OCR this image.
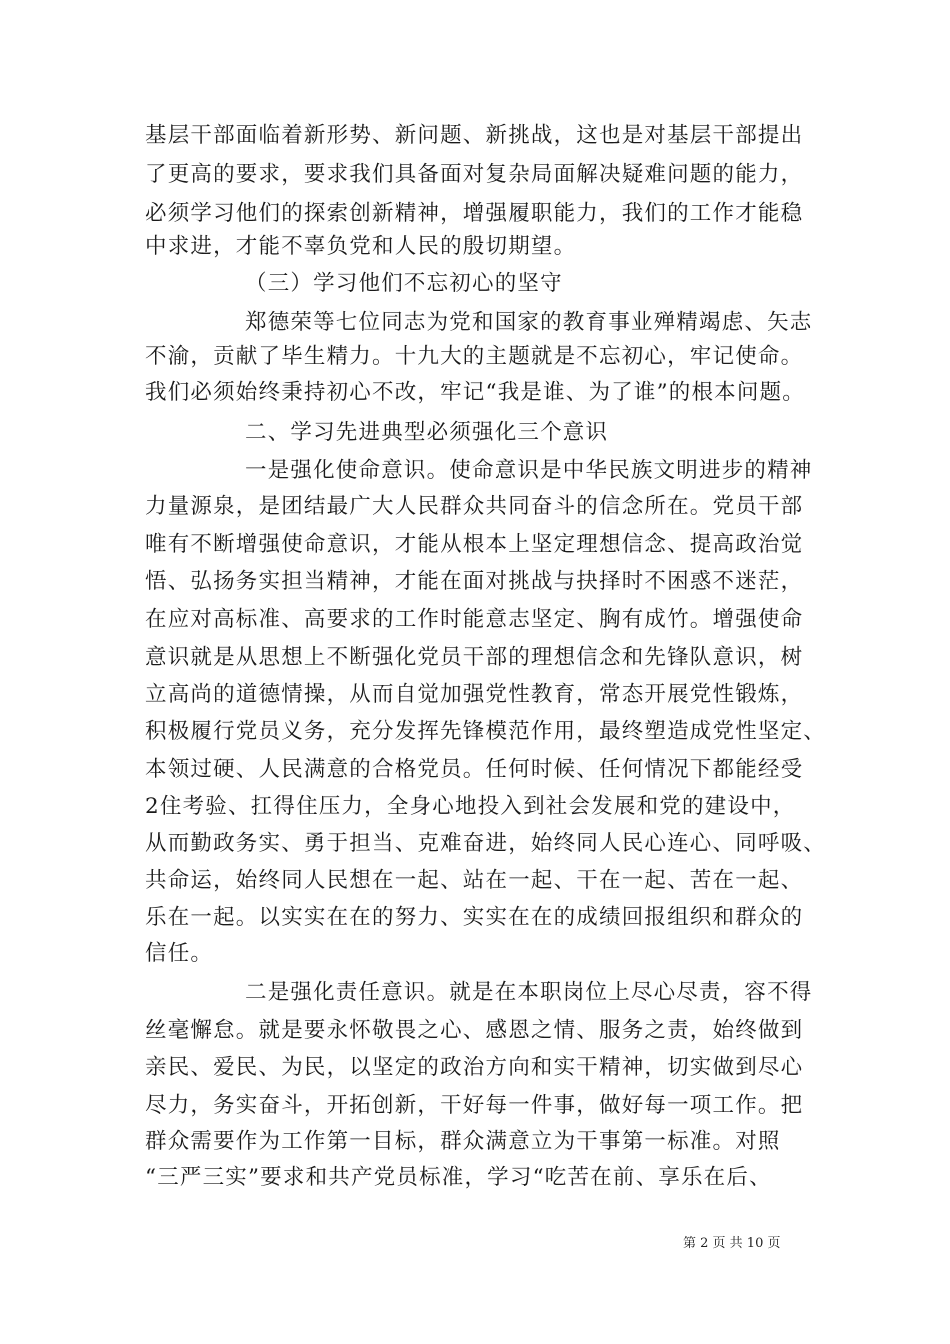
基层干部面临着新形势、新问题、新挑战，这也是对基层干部提出

了更高的要求，要求我们具备面对复杂局面解决疑难问题的能力，

必须学习他们的探索创新精神，增强履职能力，我们的工作才能稳

中求进，才能不辜负党和人民的殷切期望。

（三）学习他们不忘初心的坚守

郑德荣等七位同志为党和国家的教育事业殚精竭虑、矢志

不渝，贡献了毕生精力。十九大的主题就是不忘初心，牢记使命。

我们必须始终秉持初心不改，牢记“我是谁、为了谁”的根本问题。

二、学习先进典型必须强化三个意识

一是强化使命意识。使命意识是中华民族文明进步的精神

力量源泉，是团结最广大人民群众共同奋斗的信念所在。党员干部

唯有不断增强使命意识，才能从根本上坚定理想信念、提高政治觉

悟、弘扬务实担当精神，才能在面对挑战与抉择时不困惑不迷茫，

在应对高标准、高要求的工作时能意志坚定、胸有成竹。增强使命

意识就是从思想上不断强化党员干部的理想信念和先锋队意识，树

立高尚的道德情操，从而自觉加强党性教育，常态开展党性锻炼，

积极履行党员义务，充分发挥先锋模范作用，最终塑造成党性坚定、

本领过硬、人民满意的合格党员。任何时候、任何情况下都能经受

2住考验、扛得住压力，全身心地投入到社会发展和党的建设中，

从而勤政务实、勇于担当、克难奋进，始终同人民心连心、同呼吸、

共命运，始终同人民想在一起、站在一起、干在一起、苦在一起、

乐在一起。以实实在在的努力、实实在在的成绩回报组织和群众的

信任。

二是强化责任意识。就是在本职岗位上尽心尽责，容不得

丝毫懈怠。就是要永怀敬畏之心、感恩之情、服务之责，始终做到

亲民、爱民、为民，以坚定的政治方向和实干精神，切实做到尽心

尽力，务实奋斗，开拓创新，干好每一件事，做好每一项工作。把

群众需要作为工作第一目标，群众满意立为干事第一标准。对照

“三严三实”要求和共产党员标准，学习“吃苦在前、享乐在后、

第 2 页 共 10 页
